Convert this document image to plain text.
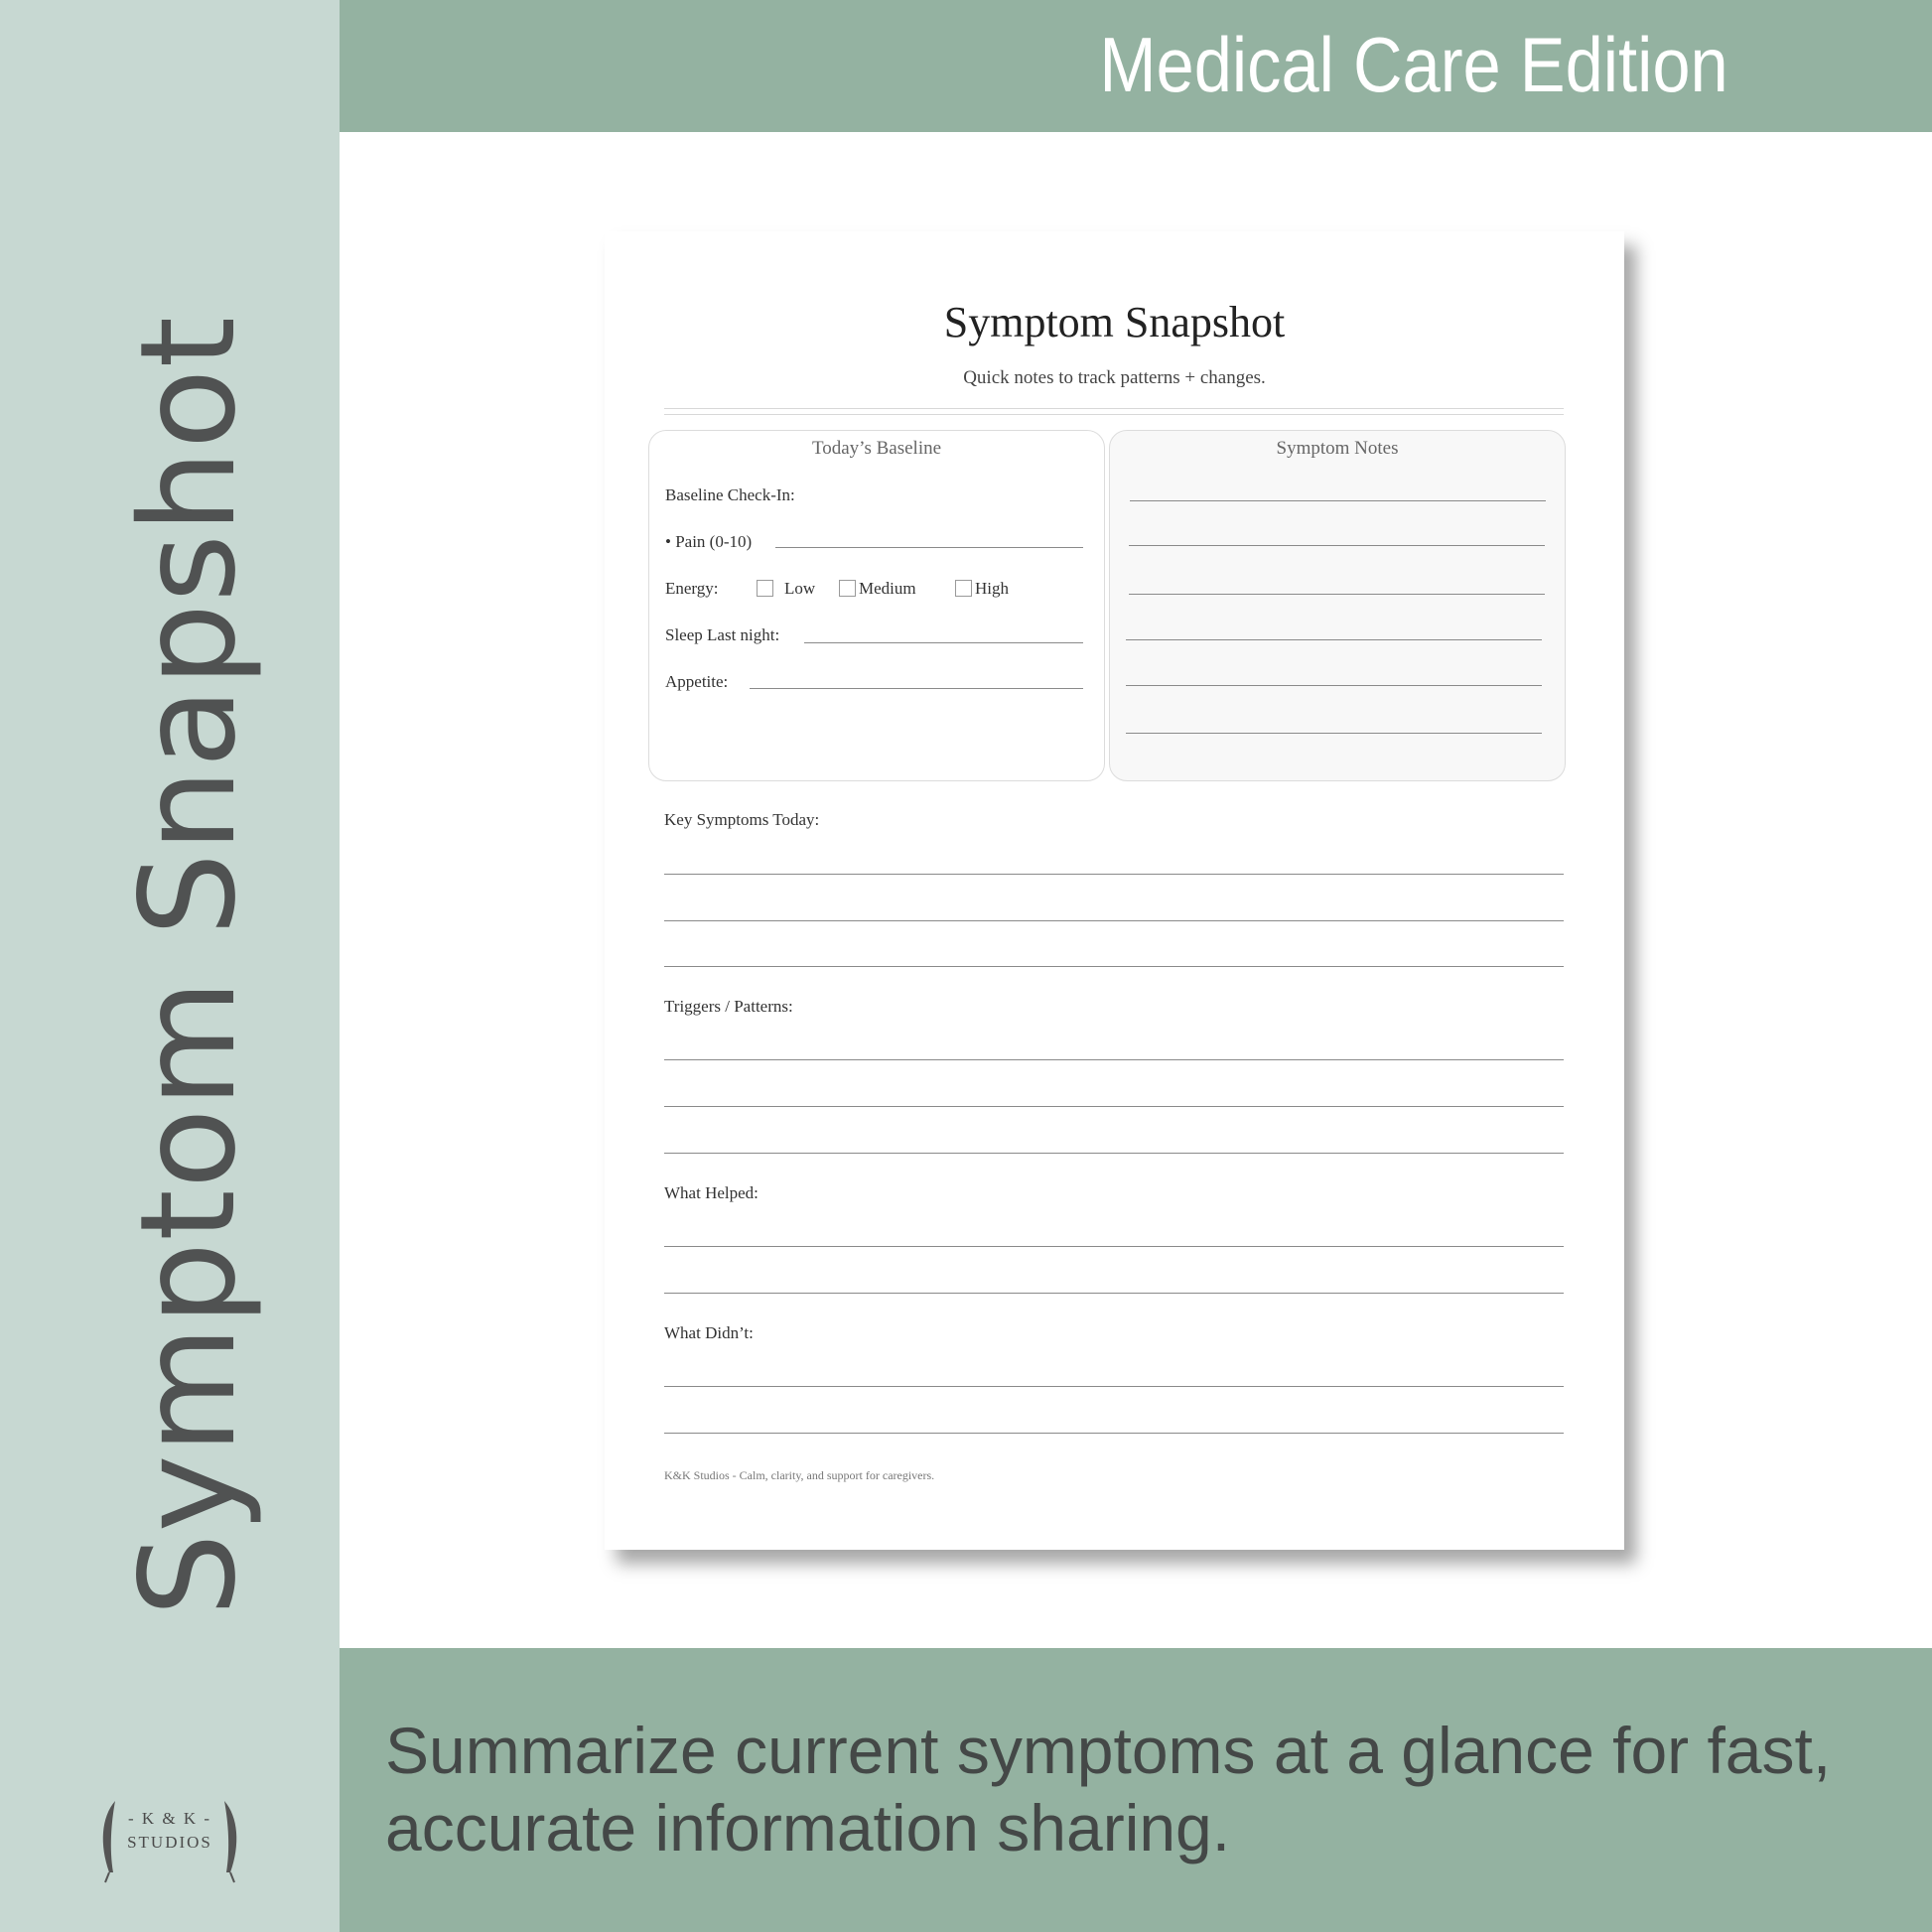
Symptom Snapshot
- K & K -
STUDIOS
Medical Care Edition
Symptom Snapshot
Quick notes to track patterns + changes.
Today’s Baseline
Baseline Check-In:
• Pain (0-10)
Energy:	Low	Medium	High
Sleep Last night:
Appetite:
Symptom Notes
Key Symptoms Today:
Triggers / Patterns:
What Helped:
What Didn’t:
K&K Studios - Calm, clarity, and support for caregivers.
Summarize current symptoms at a glance for fast, accurate information sharing.
